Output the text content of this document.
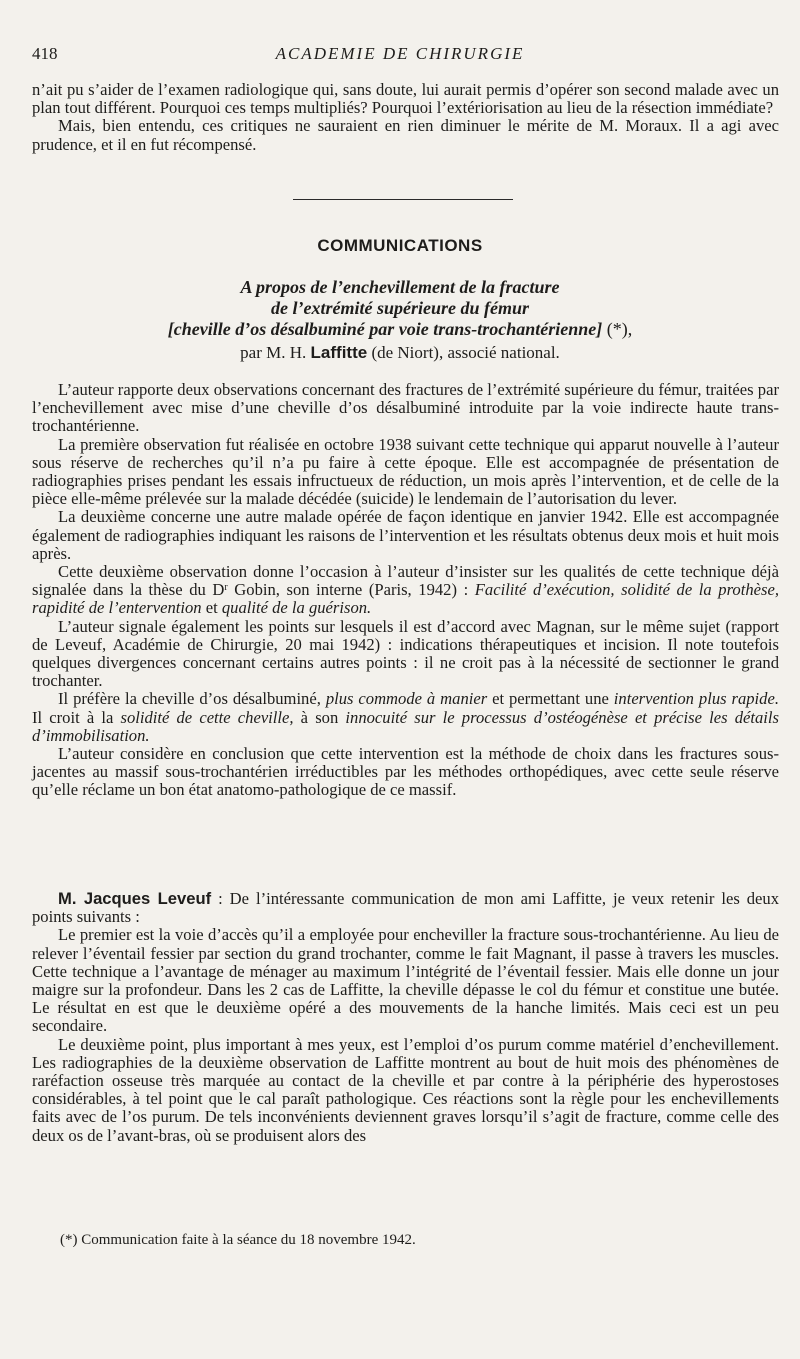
418	ACADEMIE DE CHIRURGIE

n’ait pu s’aider de l’examen radiologique qui, sans doute, lui aurait permis d’opérer son second malade avec un plan tout différent. Pourquoi ces temps multipliés? Pourquoi l’extériorisation au lieu de la résection immédiate?

Mais, bien entendu, ces critiques ne sauraient en rien diminuer le mérite de M. Moraux. Il a agi avec prudence, et il en fut récompensé.

COMMUNICATIONS
A propos de l’enchevillement de la fracture
de l’extrémité supérieure du fémur
[cheville d’os désalbuminé par voie trans-trochantérienne] (*),
par M. H. Laffitte (de Niort), associé national.

L’auteur rapporte deux observations concernant des fractures de l’extrémité supérieure du fémur, traitées par l’enchevillement avec mise d’une cheville d’os désalbuminé introduite par la voie indirecte haute trans-trochantérienne.

La première observation fut réalisée en octobre 1938 suivant cette technique qui apparut nouvelle à l’auteur sous réserve de recherches qu’il n’a pu faire à cette époque. Elle est accompagnée de présentation de radiographies prises pendant les essais infructueux de réduction, un mois après l’intervention, et de celle de la pièce elle-même prélevée sur la malade décédée (suicide) le lendemain de l’autorisation du lever.

La deuxième concerne une autre malade opérée de façon identique en janvier 1942. Elle est accompagnée également de radiographies indiquant les raisons de l’intervention et les résultats obtenus deux mois et huit mois après.

Cette deuxième observation donne l’occasion à l’auteur d’insister sur les qualités de cette technique déjà signalée dans la thèse du $D^r$ Gobin, son interne (Paris, 1942) : Facilité d’exécution, solidité de la prothèse, rapidité de l’entervention et qualité de la guérison.

L’auteur signale également les points sur lesquels il est d’accord avec Magnan, sur le même sujet (rapport de Leveuf, Académie de Chirurgie, 20 mai 1942) : indications thérapeutiques et incision. Il note toutefois quelques divergences concernant certains autres points : il ne croit pas à la nécessité de sectionner le grand trochanter.

Il préfère la cheville d’os désalbuminé, plus commode à manier et permettant une intervention plus rapide. Il croit à la solidité de cette cheville, à son innocuité sur le processus d’ostéogénèse et précise les détails d’immobilisation.

L’auteur considère en conclusion que cette intervention est la méthode de choix dans les fractures sous-jacentes au massif sous-trochantérien irréductibles par les méthodes orthopédiques, avec cette seule réserve qu’elle réclame un bon état anatomo-pathologique de ce massif.

M. Jacques Leveuf : De l’intéressante communication de mon ami Laffitte, je veux retenir les deux points suivants :

Le premier est la voie d’accès qu’il a employée pour encheviller la fracture sous-trochantérienne. Au lieu de relever l’éventail fessier par section du grand trochanter, comme le fait Magnant, il passe à travers les muscles. Cette technique a l’avantage de ménager au maximum l’intégrité de l’éventail fessier. Mais elle donne un jour maigre sur la profondeur. Dans les 2 cas de Laffitte, la cheville dépasse le col du fémur et constitue une butée. Le résultat en est que le deuxième opéré a des mouvements de la hanche limités. Mais ceci est un peu secondaire.

Le deuxième point, plus important à mes yeux, est l’emploi d’os purum comme matériel d’enchevillement. Les radiographies de la deuxième observation de Laffitte montrent au bout de huit mois des phénomènes de raréfaction osseuse très marquée au contact de la cheville et par contre à la périphérie des hyperostoses considérables, à tel point que le cal paraît pathologique. Ces réactions sont la règle pour les enchevillements faits avec de l’os purum. De tels inconvénients deviennent graves lorsqu’il s’agit de fracture, comme celle des deux os de l’avant-bras, où se produisent alors des

(*) Communication faite à la séance du 18 novembre 1942.
